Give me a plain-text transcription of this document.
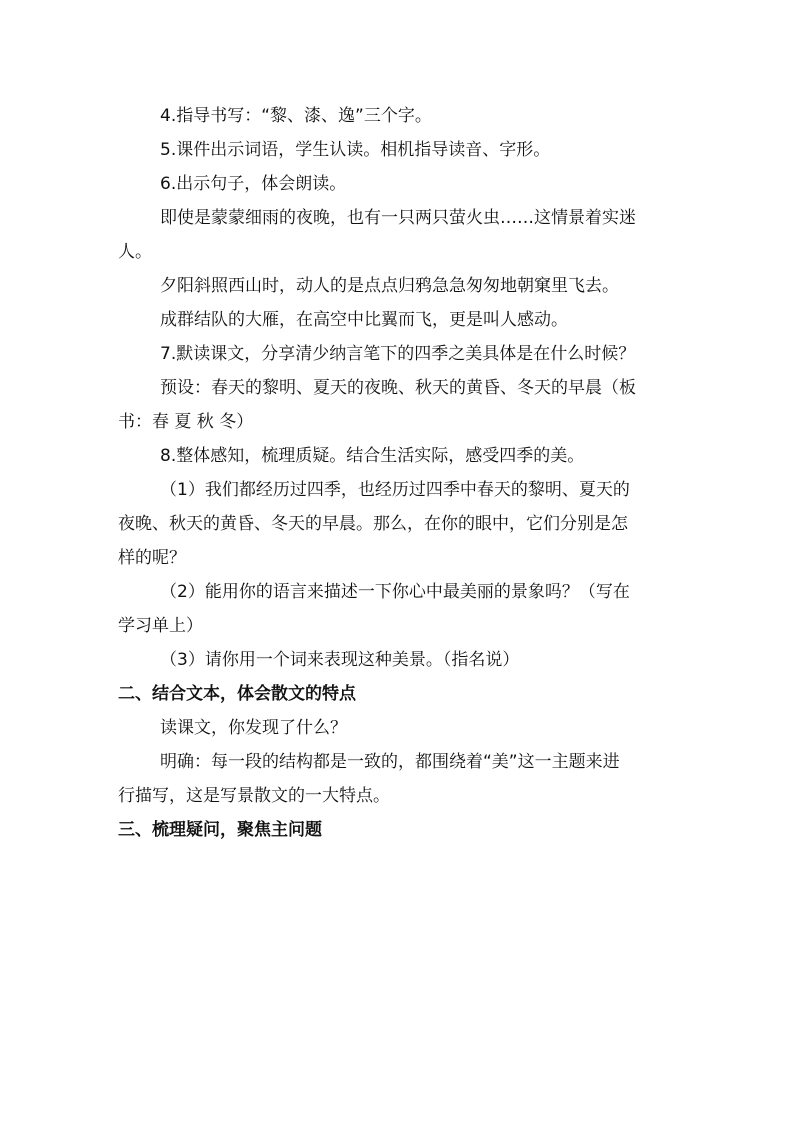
4.指导书写：“黎、漆、逸”三个字。

5.课件出示词语，学生认读。相机指导读音、字形。

6.出示句子，体会朗读。

即使是蒙蒙细雨的夜晚，也有一只两只萤火虫……这情景着实迷

人。

夕阳斜照西山时，动人的是点点归鸦急急匆匆地朝窠里飞去。

成群结队的大雁，在高空中比翼而飞，更是叫人感动。

7.默读课文，分享清少纳言笔下的四季之美具体是在什么时候？

预设：春天的黎明、夏天的夜晚、秋天的黄昏、冬天的早晨（板

书：春 夏 秋 冬）

8.整体感知，梳理质疑。结合生活实际，感受四季的美。

（1）我们都经历过四季，也经历过四季中春天的黎明、夏天的

夜晚、秋天的黄昏、冬天的早晨。那么，在你的眼中，它们分别是怎

样的呢？

（2）能用你的语言来描述一下你心中最美丽的景象吗？（写在

学习单上）

（3）请你用一个词来表现这种美景。（指名说）

二、结合文本，体会散文的特点

读课文，你发现了什么？

明确：每一段的结构都是一致的，都围绕着“美”这一主题来进

行描写，这是写景散文的一大特点。

三、梳理疑问，聚焦主问题
